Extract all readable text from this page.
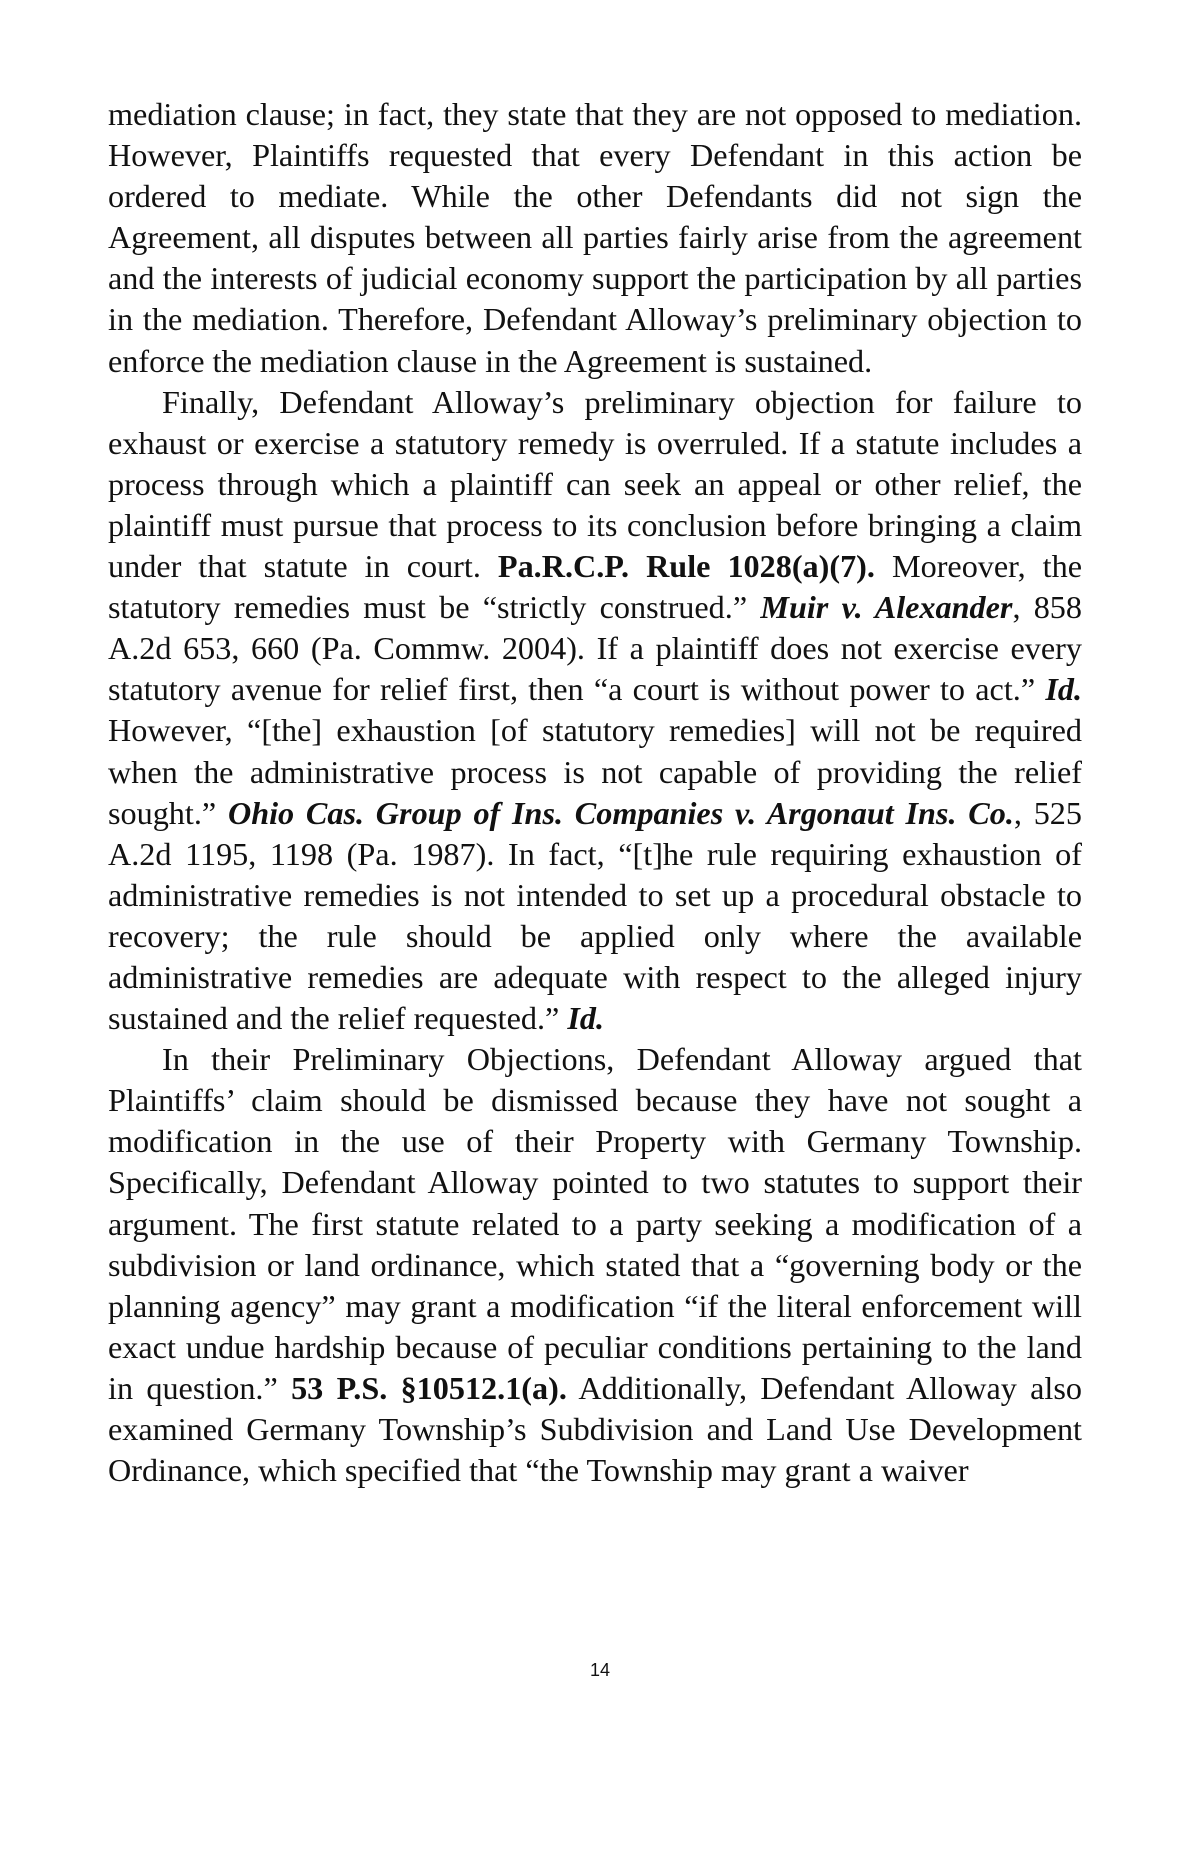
mediation clause; in fact, they state that they are not opposed to mediation. However, Plaintiffs requested that every Defendant in this action be ordered to mediate. While the other Defendants did not sign the Agreement, all disputes between all parties fairly arise from the agreement and the interests of judicial economy support the participation by all parties in the mediation. Therefore, Defendant Alloway’s preliminary objection to enforce the mediation clause in the Agreement is sustained.

Finally, Defendant Alloway’s preliminary objection for failure to exhaust or exercise a statutory remedy is overruled. If a statute includes a process through which a plaintiff can seek an appeal or other relief, the plaintiff must pursue that process to its conclusion before bringing a claim under that statute in court. Pa.R.C.P. Rule 1028(a)(7). Moreover, the statutory remedies must be “strictly construed.” Muir v. Alexander, 858 A.2d 653, 660 (Pa. Commw. 2004). If a plaintiff does not exercise every statutory avenue for relief first, then “a court is without power to act.” Id. However, “[the] exhaustion [of statutory remedies] will not be required when the administrative process is not capable of providing the relief sought.” Ohio Cas. Group of Ins. Companies v. Argonaut Ins. Co., 525 A.2d 1195, 1198 (Pa. 1987). In fact, “[t]he rule requiring exhaustion of administrative remedies is not intended to set up a procedural obstacle to recovery; the rule should be applied only where the available administrative remedies are adequate with respect to the alleged injury sustained and the relief requested.” Id.

In their Preliminary Objections, Defendant Alloway argued that Plaintiffs’ claim should be dismissed because they have not sought a modification in the use of their Property with Germany Township. Specifically, Defendant Alloway pointed to two statutes to support their argument. The first statute related to a party seeking a modification of a subdivision or land ordinance, which stated that a “governing body or the planning agency” may grant a modification “if the literal enforcement will exact undue hardship because of peculiar conditions pertaining to the land in question.” 53 P.S. §10512.1(a). Additionally, Defendant Alloway also examined Germany Township’s Subdivision and Land Use Development Ordinance, which specified that “the Township may grant a waiver

14
